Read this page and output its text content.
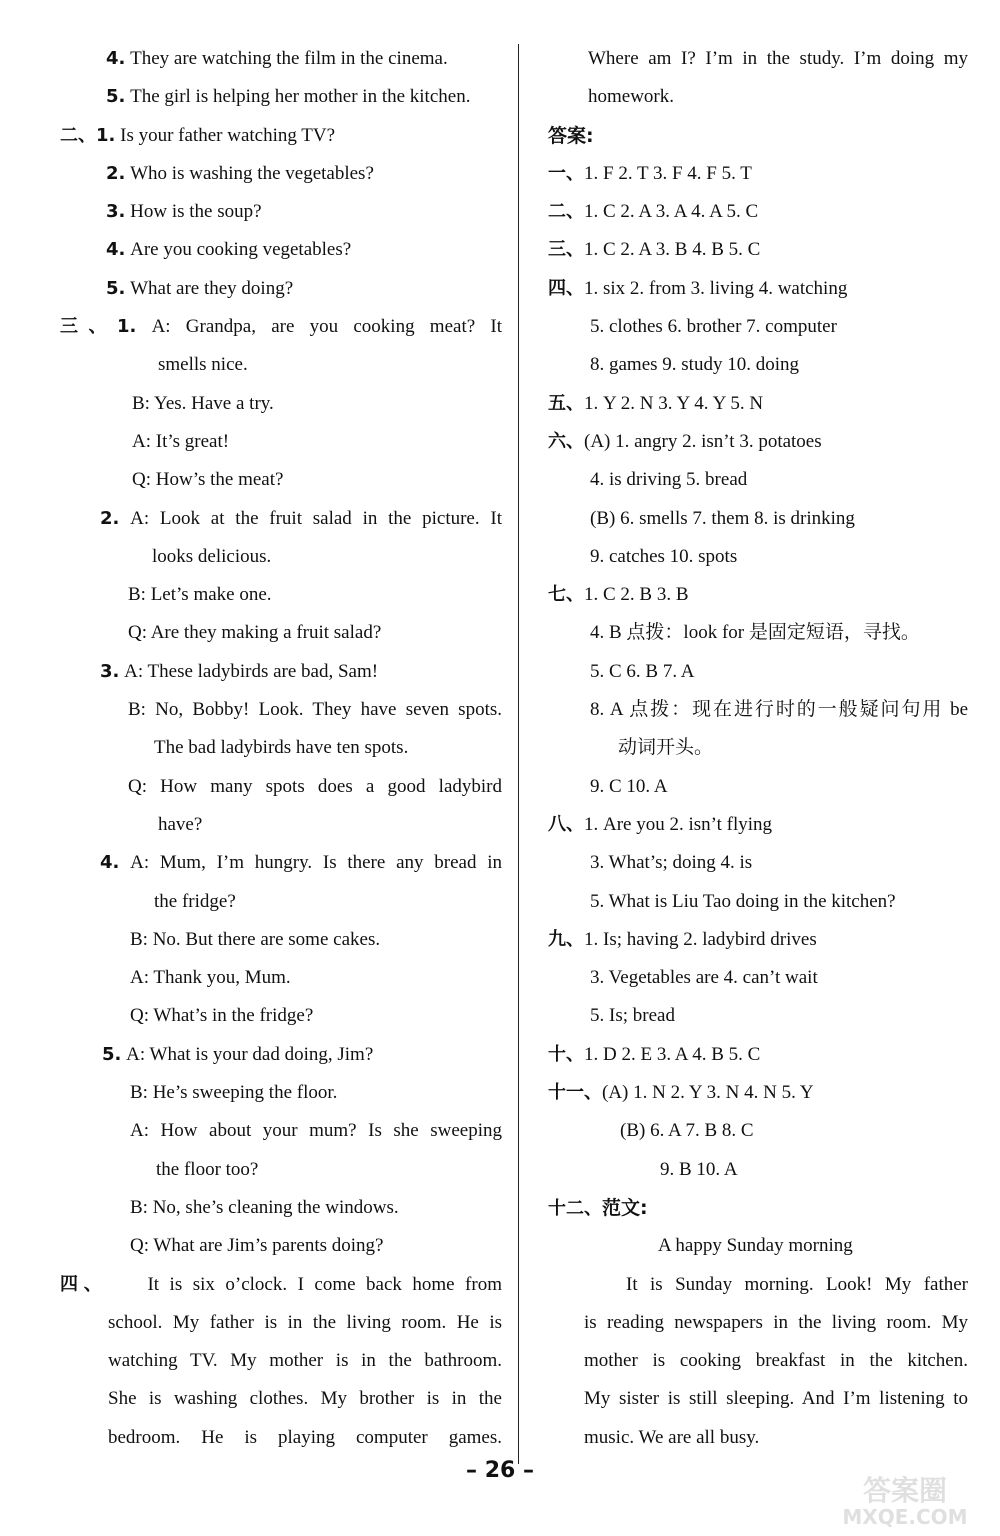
4. They are watching the film in the cinema.
5. The girl is helping her mother in the kitchen.
二、1. Is your father watching TV?
2. Who is washing the vegetables?
3. How is the soup?
4. Are you cooking vegetables?
5. What are they doing?
三、1. A: Grandpa, are you cooking meat? It
smells nice.
B: Yes. Have a try.
A: It’s great!
Q: How’s the meat?
2. A: Look at the fruit salad in the picture. It
looks delicious.
B: Let’s make one.
Q: Are they making a fruit salad?
3. A: These ladybirds are bad, Sam!
B: No, Bobby! Look. They have seven spots.
The bad ladybirds have ten spots.
Q: How many spots does a good ladybird
have?
4. A: Mum, I’m hungry. Is there any bread in
the fridge?
B: No. But there are some cakes.
A: Thank you, Mum.
Q: What’s in the fridge?
5. A: What is your dad doing, Jim?
B: He’s sweeping the floor.
A: How about your mum? Is she sweeping
the floor too?
B: No, she’s cleaning the windows.
Q: What are Jim’s parents doing?
四、 It is six o’clock. I come back home from
school. My father is in the living room. He is
watching TV. My mother is in the bathroom.
She is washing clothes. My brother is in the
bedroom. He is playing computer games.
Where am I? I’m in the study. I’m doing my
homework.
答案:
一、1. F 2. T 3. F 4. F 5. T
二、1. C 2. A 3. A 4. A 5. C
三、1. C 2. A 3. B 4. B 5. C
四、1. six 2. from 3. living 4. watching
5. clothes 6. brother 7. computer
8. games 9. study 10. doing
五、1. Y 2. N 3. Y 4. Y 5. N
六、(A) 1. angry 2. isn’t 3. potatoes
4. is driving 5. bread
(B) 6. smells 7. them 8. is drinking
9. catches 10. spots
七、1. C 2. B 3. B
4. B 点拨：look for 是固定短语，寻找。
5. C 6. B 7. A
8. A 点拨：现在进行时的一般疑问句用 be
动词开头。
9. C 10. A
八、1. Are you 2. isn’t flying
3. What’s; doing 4. is
5. What is Liu Tao doing in the kitchen?
九、1. Is; having 2. ladybird drives
3. Vegetables are 4. can’t wait
5. Is; bread
十、1. D 2. E 3. A 4. B 5. C
十一、(A) 1. N 2. Y 3. N 4. N 5. Y
(B) 6. A 7. B 8. C
9. B 10. A
十二、范文:
A happy Sunday morning
It is Sunday morning. Look! My father
is reading newspapers in the living room. My
mother is cooking breakfast in the kitchen.
My sister is still sleeping. And I’m listening to
music. We are all busy.
– 26 –
答案圈
MXQE.COM
